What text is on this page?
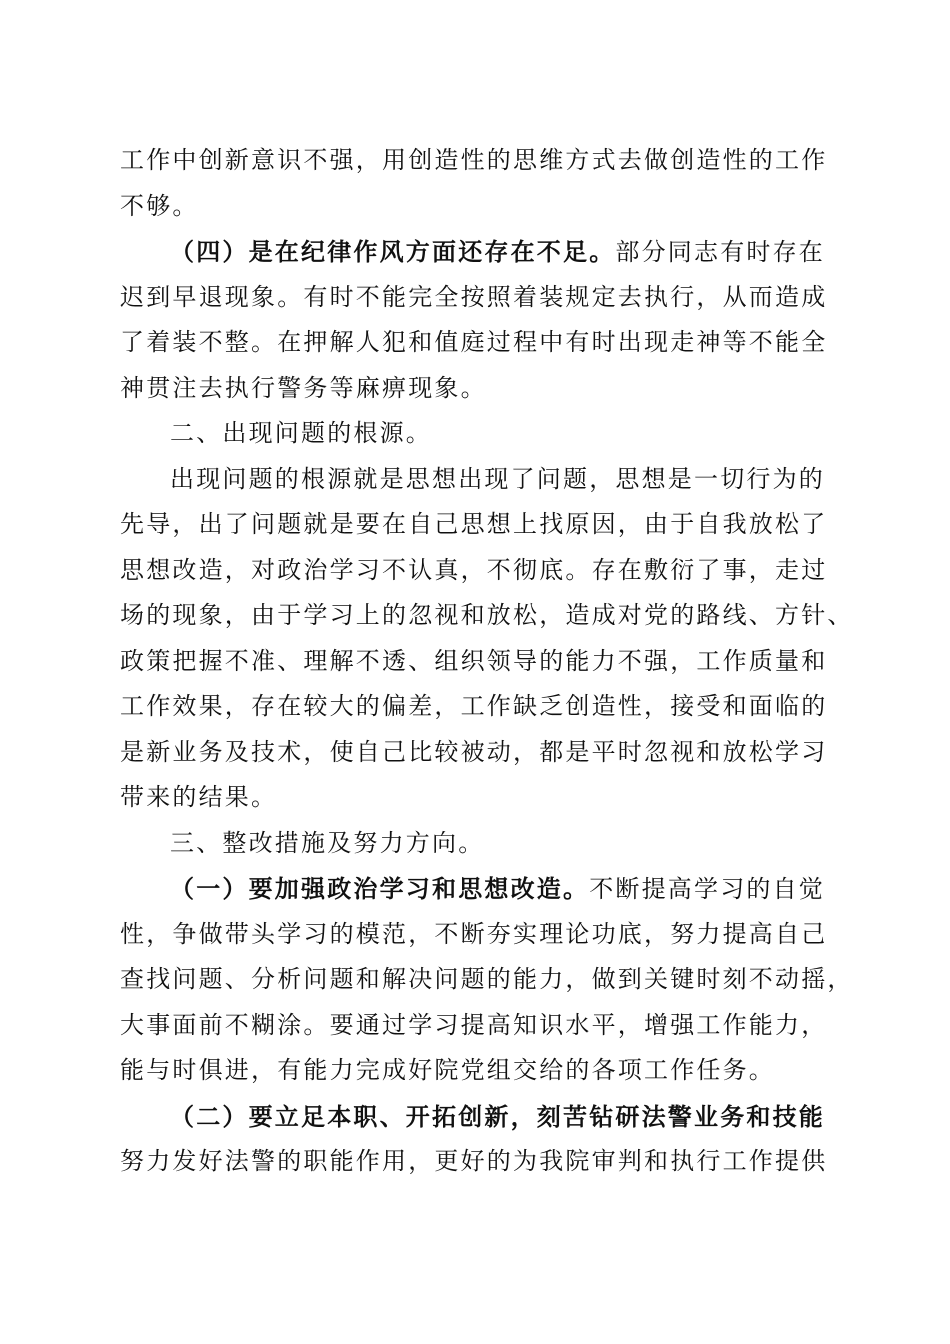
工作中创新意识不强，用创造性的思维方式去做创造性的工作
不够。
（四）是在纪律作风方面还存在不足。部分同志有时存在
迟到早退现象。有时不能完全按照着装规定去执行，从而造成
了着装不整。在押解人犯和值庭过程中有时出现走神等不能全
神贯注去执行警务等麻痹现象。
二、出现问题的根源。
出现问题的根源就是思想出现了问题，思想是一切行为的
先导，出了问题就是要在自己思想上找原因，由于自我放松了
思想改造，对政治学习不认真，不彻底。存在敷衍了事，走过
场的现象，由于学习上的忽视和放松，造成对党的路线、方针、
政策把握不准、理解不透、组织领导的能力不强，工作质量和
工作效果，存在较大的偏差，工作缺乏创造性，接受和面临的
是新业务及技术，使自己比较被动，都是平时忽视和放松学习
带来的结果。
三、整改措施及努力方向。
（一）要加强政治学习和思想改造。不断提高学习的自觉
性，争做带头学习的模范，不断夯实理论功底，努力提高自己
查找问题、分析问题和解决问题的能力，做到关键时刻不动摇，
大事面前不糊涂。要通过学习提高知识水平，增强工作能力，
能与时俱进，有能力完成好院党组交给的各项工作任务。
（二）要立足本职、开拓创新，刻苦钻研法警业务和技能
努力发好法警的职能作用，更好的为我院审判和执行工作提供
